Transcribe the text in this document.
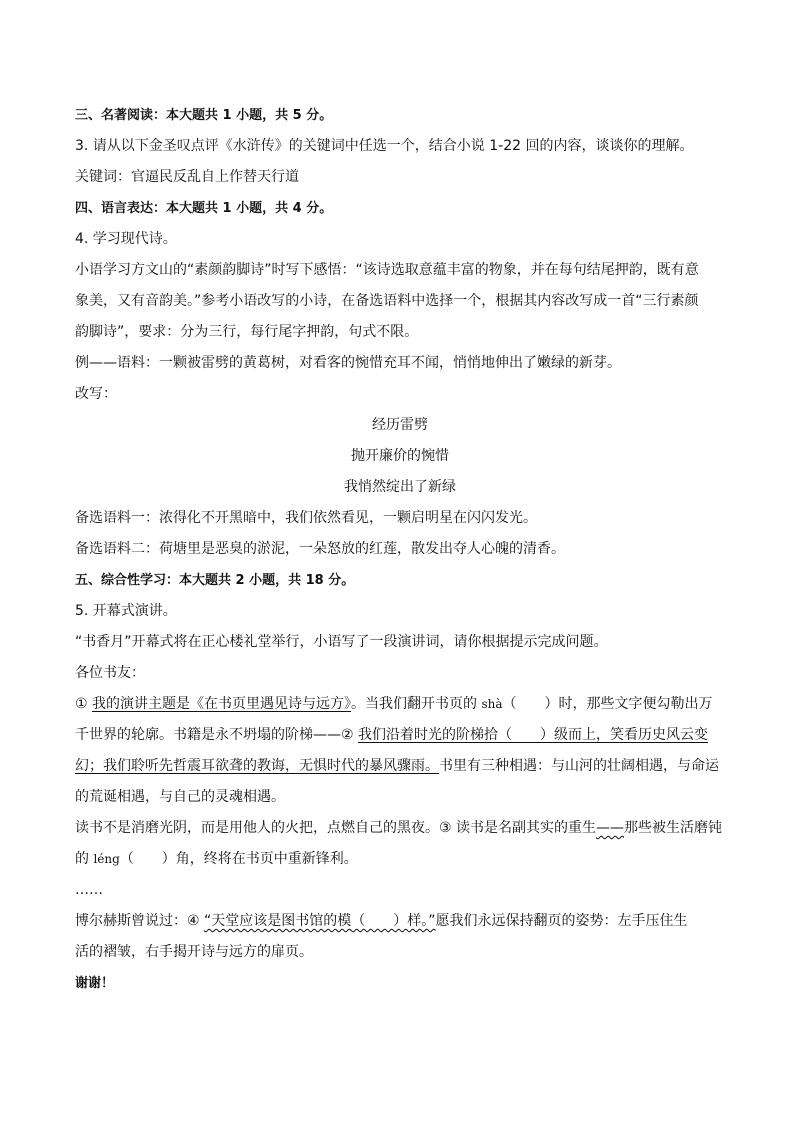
三、名著阅读：本大题共 1 小题，共 5 分。
3. 请从以下金圣叹点评《水浒传》的关键词中任选一个，结合小说 1-22 回的内容，谈谈你的理解。
关键词：官逼民反乱自上作替天行道
四、语言表达：本大题共 1 小题，共 4 分。
4. 学习现代诗。
小语学习方文山的“素颜韵脚诗”时写下感悟：“该诗选取意蕴丰富的物象，并在每句结尾押韵，既有意
象美，又有音韵美。”参考小语改写的小诗，在备选语料中选择一个，根据其内容改写成一首“三行素颜
韵脚诗”，要求：分为三行，每行尾字押韵，句式不限。
例——语料：一颗被雷劈的黄葛树，对看客的惋惜充耳不闻，悄悄地伸出了嫩绿的新芽。
改写：
经历雷劈
抛开廉价的惋惜
我悄然绽出了新绿
备选语料一：浓得化不开黑暗中，我们依然看见，一颗启明星在闪闪发光。
备选语料二：荷塘里是恶臭的淤泥，一朵怒放的红莲，散发出夺人心魄的清香。
五、综合性学习：本大题共 2 小题，共 18 分。
5. 开幕式演讲。
“书香月”开幕式将在正心楼礼堂举行，小语写了一段演讲词，请你根据提示完成问题。
各位书友：
① 我的演讲主题是《在书页里遇见诗与远方》。当我们翻开书页的 shà（　　）时，那些文字便勾勒出万
千世界的轮廓。书籍是永不坍塌的阶梯——② 我们沿着时光的阶梯拾（　　）级而上，笑看历史风云变
幻；我们聆听先哲震耳欲聋的教诲，无惧时代的暴风骤雨。书里有三种相遇：与山河的壮阔相遇，与命运
的荒诞相遇，与自己的灵魂相遇。
读书不是消磨光阴，而是用他人的火把，点燃自己的黑夜。③ 读书是名副其实的重生——那些被生活磨钝
的 léng（　　）角，终将在书页中重新锋利。
……
博尔赫斯曾说过：④ “天堂应该是图书馆的模（　　）样。”愿我们永远保持翻页的姿势：左手压住生
活的褶皱，右手揭开诗与远方的扉页。
谢谢！
